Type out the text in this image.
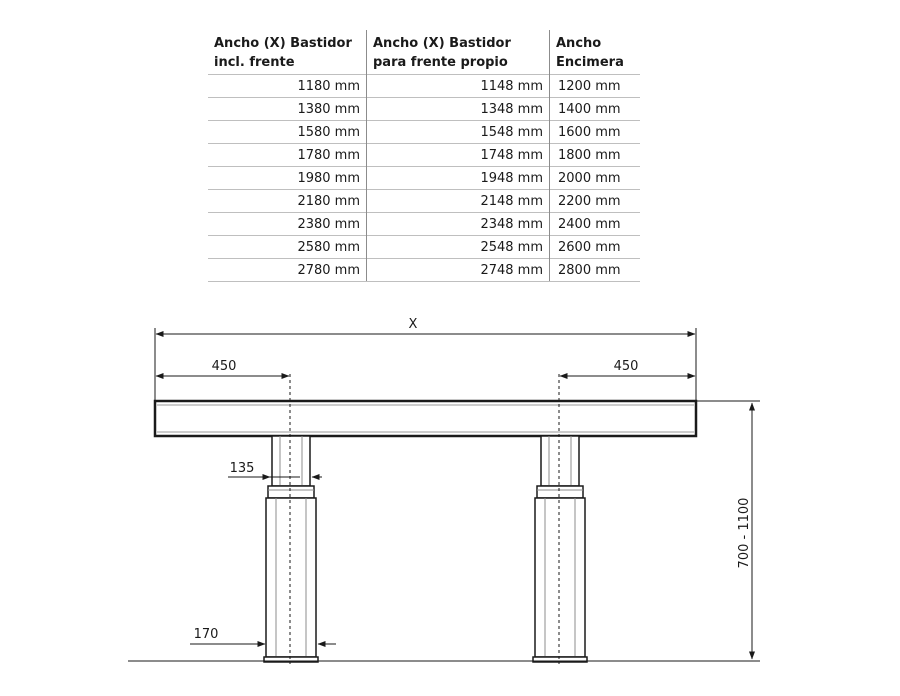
Ancho (X) Bastidor incl. frente	Ancho (X) Bastidor para frente propio	Ancho Encimera
1180 mm	1148 mm	1200 mm
1380 mm	1348 mm	1400 mm
1580 mm	1548 mm	1600 mm
1780 mm	1748 mm	1800 mm
1980 mm	1948 mm	2000 mm
2180 mm	2148 mm	2200 mm
2380 mm	2348 mm	2400 mm
2580 mm	2548 mm	2600 mm
2780 mm	2748 mm	2800 mm
X
450	450
135
170
700 - 1100
